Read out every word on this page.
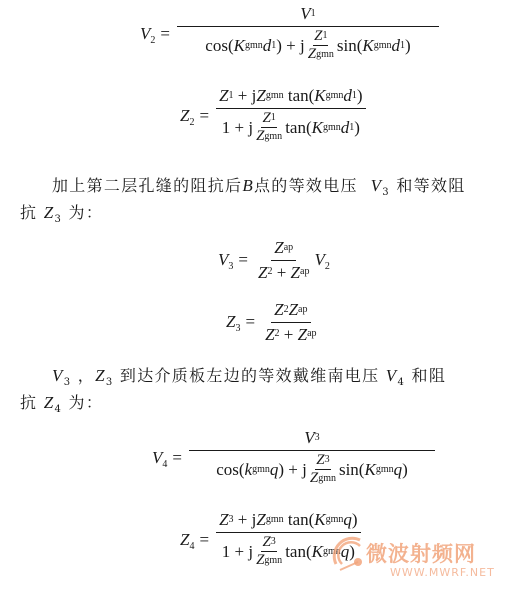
$V_2 = V$ 1
cos( K gmn d 1 )
+
j $\frac{Z 1}{\text{Z gmn}} \sin$( K gmn d 1 )
$Z_2 = Z$ 1
+
j Z gmn
tan( K gmn d 1 )
1
+
j $\frac{Z 1}{\text{Z gmn}} \tan$( K gmn d 1 )
加上第二层孔缝的阻抗后B点的等效电压 $V_3$ 和等效阻抗 $Z_3$ 为：
$V_3 = Z$ ap
Z 2
+
Z ap $V_2$
$Z_3 = Z$ 2 Z ap
Z 2
+
Z ap
$V_3$ ，$Z_3$ 到达介质板左边的等效戴维南电压 $V_4$ 和阻抗 $Z_4$ 为：
$V_4 = V$ 3
cos( k gmn q )
+
j $\frac{Z 3}{\text{Z gmn}} \sin$( K gmn q )
$Z_4 = Z$ 3
+
j Z gmn
tan( K gmn q )
1
+
j $\frac{Z 3}{\text{Z gmn}} \tan$( K gmn q ) 微波射频网
WWW.MWRF.NET
